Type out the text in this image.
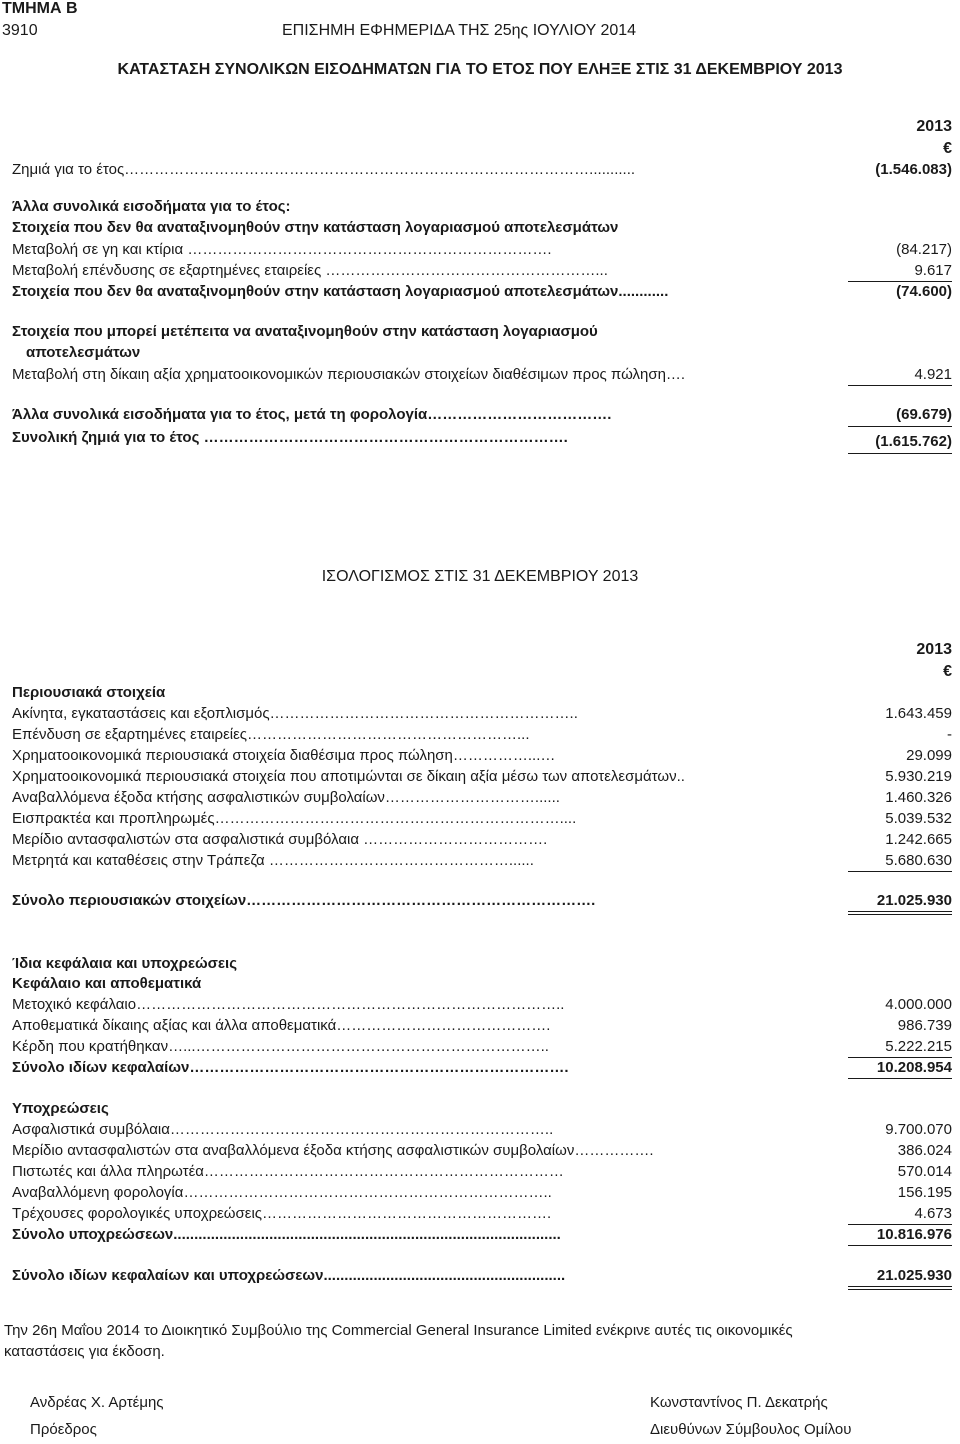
ΤΜΗΜΑ Β
3910	ΕΠΙΣΗΜΗ ΕΦΗΜΕΡΙΔΑ ΤΗΣ 25ης ΙΟΥΛΙΟΥ 2014
ΚΑΤΑΣΤΑΣΗ ΣΥΝΟΛΙΚΩΝ ΕΙΣΟΔΗΜΑΤΩΝ ΓΙΑ ΤΟ ΕΤΟΣ ΠΟΥ ΕΛΗΞΕ ΣΤΙΣ 31 ΔΕΚΕΜΒΡΙΟΥ 2013
2013
€
Ζημιά για το έτος…………………………………………………………………………………...........	(1.546.083)
Άλλα συνολικά εισοδήματα για το έτος:
Στοιχεία που δεν θα αναταξινομηθούν στην κατάσταση λογαριασμού αποτελεσμάτων
Μεταβολή σε γη και κτίρια ……………………………………………………………….	(84.217)
Μεταβολή επένδυσης σε εξαρτημένες εταιρείες ………………………………………………...	9.617
Στοιχεία που δεν θα αναταξινομηθούν στην κατάσταση λογαριασμού αποτελεσμάτων............	(74.600)
Στοιχεία που μπορεί μετέπειτα να αναταξινομηθούν στην κατάσταση λογαριασμού
αποτελεσμάτων
Μεταβολή στη δίκαιη αξία χρηματοοικονομικών περιουσιακών στοιχείων διαθέσιμων προς πώληση….	4.921
Άλλα συνολικά εισοδήματα για το έτος, μετά τη φορολογία……………………………….	(69.679)
Συνολική ζημιά για το έτος ……………………………………………………………….	(1.615.762)
ΙΣΟΛΟΓΙΣΜΟΣ ΣΤΙΣ 31 ΔΕΚΕΜΒΡΙΟΥ 2013
2013
€
Περιουσιακά στοιχεία
Ακίνητα, εγκαταστάσεις και εξοπλισμός……………………………………………………..	1.643.459
Επένδυση σε εξαρτημένες εταιρείες………………………………………………...	-
Χρηματοοικονομικά περιουσιακά στοιχεία διαθέσιμα προς πώληση……………...…	29.099
Χρηματοοικονομικά περιουσιακά στοιχεία που αποτιμώνται σε δίκαιη αξία μέσω των αποτελεσμάτων..	5.930.219
Αναβαλλόμενα έξοδα κτήσης ασφαλιστικών συμβολαίων…………………………......	1.460.326
Εισπρακτέα και προπληρωμές……………………………………………………………....	5.039.532
Μερίδιο αντασφαλιστών στα ασφαλιστικά συμβόλαια ……………………………….	1.242.665
Μετρητά και καταθέσεις στην Τράπεζα …………………………………………......	5.680.630
Σύνολο περιουσιακών στοιχείων…………………………………………………………….	21.025.930
Ίδια κεφάλαια και υποχρεώσεις
Κεφάλαιο και αποθεματικά
Μετοχικό κεφάλαιο…………………………………………………………………………..	4.000.000
Αποθεματικά δίκαιης αξίας και άλλα αποθεματικά…………………………………….	986.739
Κέρδη που κρατήθηκαν…...……………………………………………………………..	5.222.215
Σύνολο ιδίων κεφαλαίων………………………………………………………………….	10.208.954
Υποχρεώσεις
Ασφαλιστικά συμβόλαια…………………………………………………………………..	9.700.070
Μερίδιο αντασφαλιστών στα αναβαλλόμενα έξοδα κτήσης ασφαλιστικών συμβολαίων…………….	386.024
Πιστωτές και άλλα πληρωτέα………………………………………………………………	570.014
Αναβαλλόμενη φορολογία………………………………………………………………..	156.195
Τρέχουσες φορολογικές υποχρεώσεις………………………………………………….	4.673
Σύνολο υποχρεώσεων.............................................................................................	10.816.976
Σύνολο ιδίων κεφαλαίων και υποχρεώσεων..........................................................	21.025.930
Την 26η Μαΐου 2014 το Διοικητικό Συμβούλιο της Commercial General Insurance Limited ενέκρινε αυτές τις οικονομικές
καταστάσεις για έκδοση.
Ανδρέας Χ. Αρτέμης
Πρόεδρος
Κωνσταντίνος Π. Δεκατρής
Διευθύνων Σύμβουλος Ομίλου
